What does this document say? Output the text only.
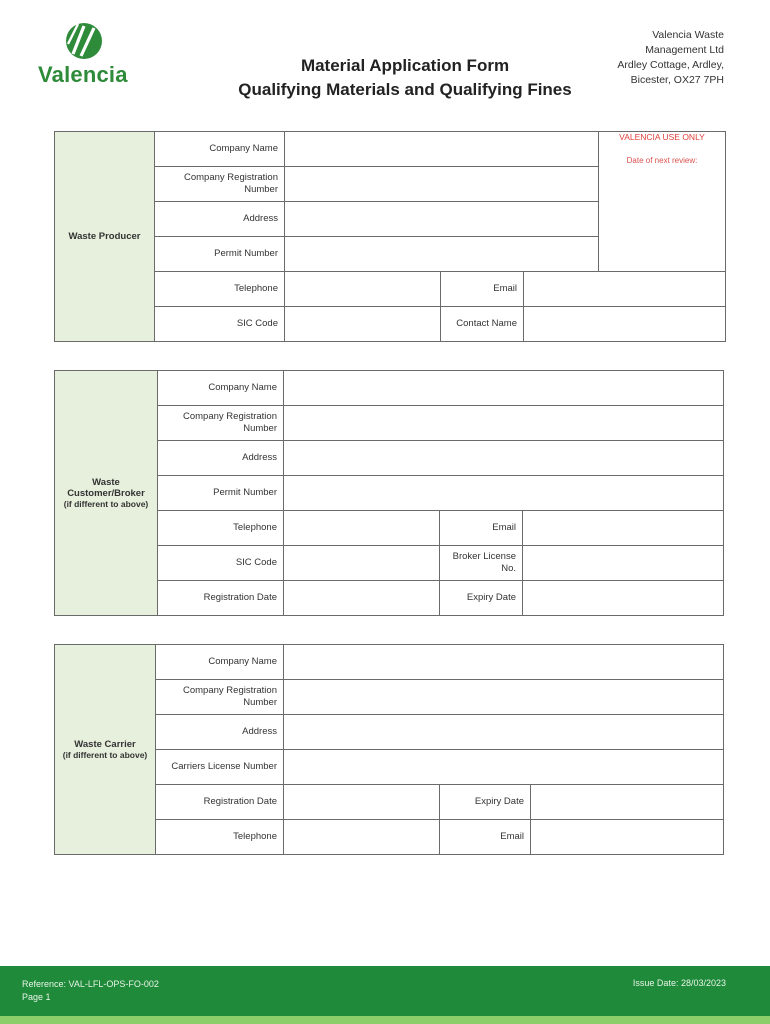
Valencia	Material Application Form
Qualifying Materials and Qualifying Fines
Valencia Waste
Management Ltd
Ardley Cottage, Ardley,
Bicester, OX27 7PH
Waste Producer	Company Name				VALENCIA USE ONLY
Date of next review:

	Company Registration Number				
	Address				
	Permit Number				
	Telephone		Email		
	SIC Code		Contact Name		
Waste Customer/Broker
(if different to above)	Company Name			
	Company Registration Number			
	Address			
	Permit Number			
	Telephone		Email	
	SIC Code		Broker License No.	
	Registration Date		Expiry Date	
Waste Carrier
(if different to above)	Company Name			
	Company Registration Number			
	Address			
	Carriers License Number			
	Registration Date		Expiry Date	
	Telephone		Email	
Reference: VAL-LFL-OPS-FO-002
Page 1
Issue Date: 28/03/2023
